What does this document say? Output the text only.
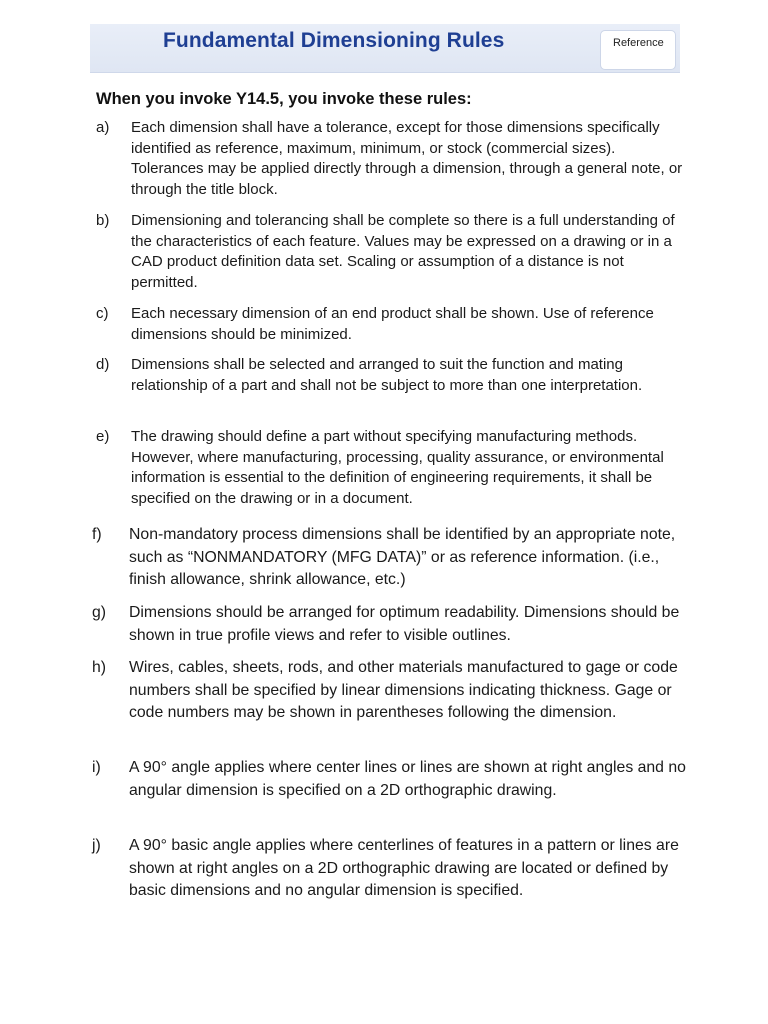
Fundamental Dimensioning Rules	Reference
When you invoke Y14.5, you invoke these rules:
a) Each dimension shall have a tolerance, except for those dimensions specifically identified as reference, maximum, minimum, or stock (commercial sizes). Tolerances may be applied directly through a dimension, through a general note, or through the title block.
b) Dimensioning and tolerancing shall be complete so there is a full understanding of the characteristics of each feature. Values may be expressed on a drawing or in a CAD product definition data set. Scaling or assumption of a distance is not permitted.
c) Each necessary dimension of an end product shall be shown. Use of reference dimensions should be minimized.
d) Dimensions shall be selected and arranged to suit the function and mating relationship of a part and shall not be subject to more than one interpretation.
e) The drawing should define a part without specifying manufacturing methods. However, where manufacturing, processing, quality assurance, or environmental information is essential to the definition of engineering requirements, it shall be specified on the drawing or in a document.
f) Non-mandatory process dimensions shall be identified by an appropriate note, such as “NONMANDATORY (MFG DATA)” or as reference information. (i.e., finish allowance, shrink allowance, etc.)
g) Dimensions should be arranged for optimum readability. Dimensions should be shown in true profile views and refer to visible outlines.
h) Wires, cables, sheets, rods, and other materials manufactured to gage or code numbers shall be specified by linear dimensions indicating thickness. Gage or code numbers may be shown in parentheses following the dimension.
i) A 90° angle applies where center lines or lines are shown at right angles and no angular dimension is specified on a 2D orthographic drawing.
j) A 90° basic angle applies where centerlines of features in a pattern or lines are shown at right angles on a 2D orthographic drawing are located or defined by basic dimensions and no angular dimension is specified.
